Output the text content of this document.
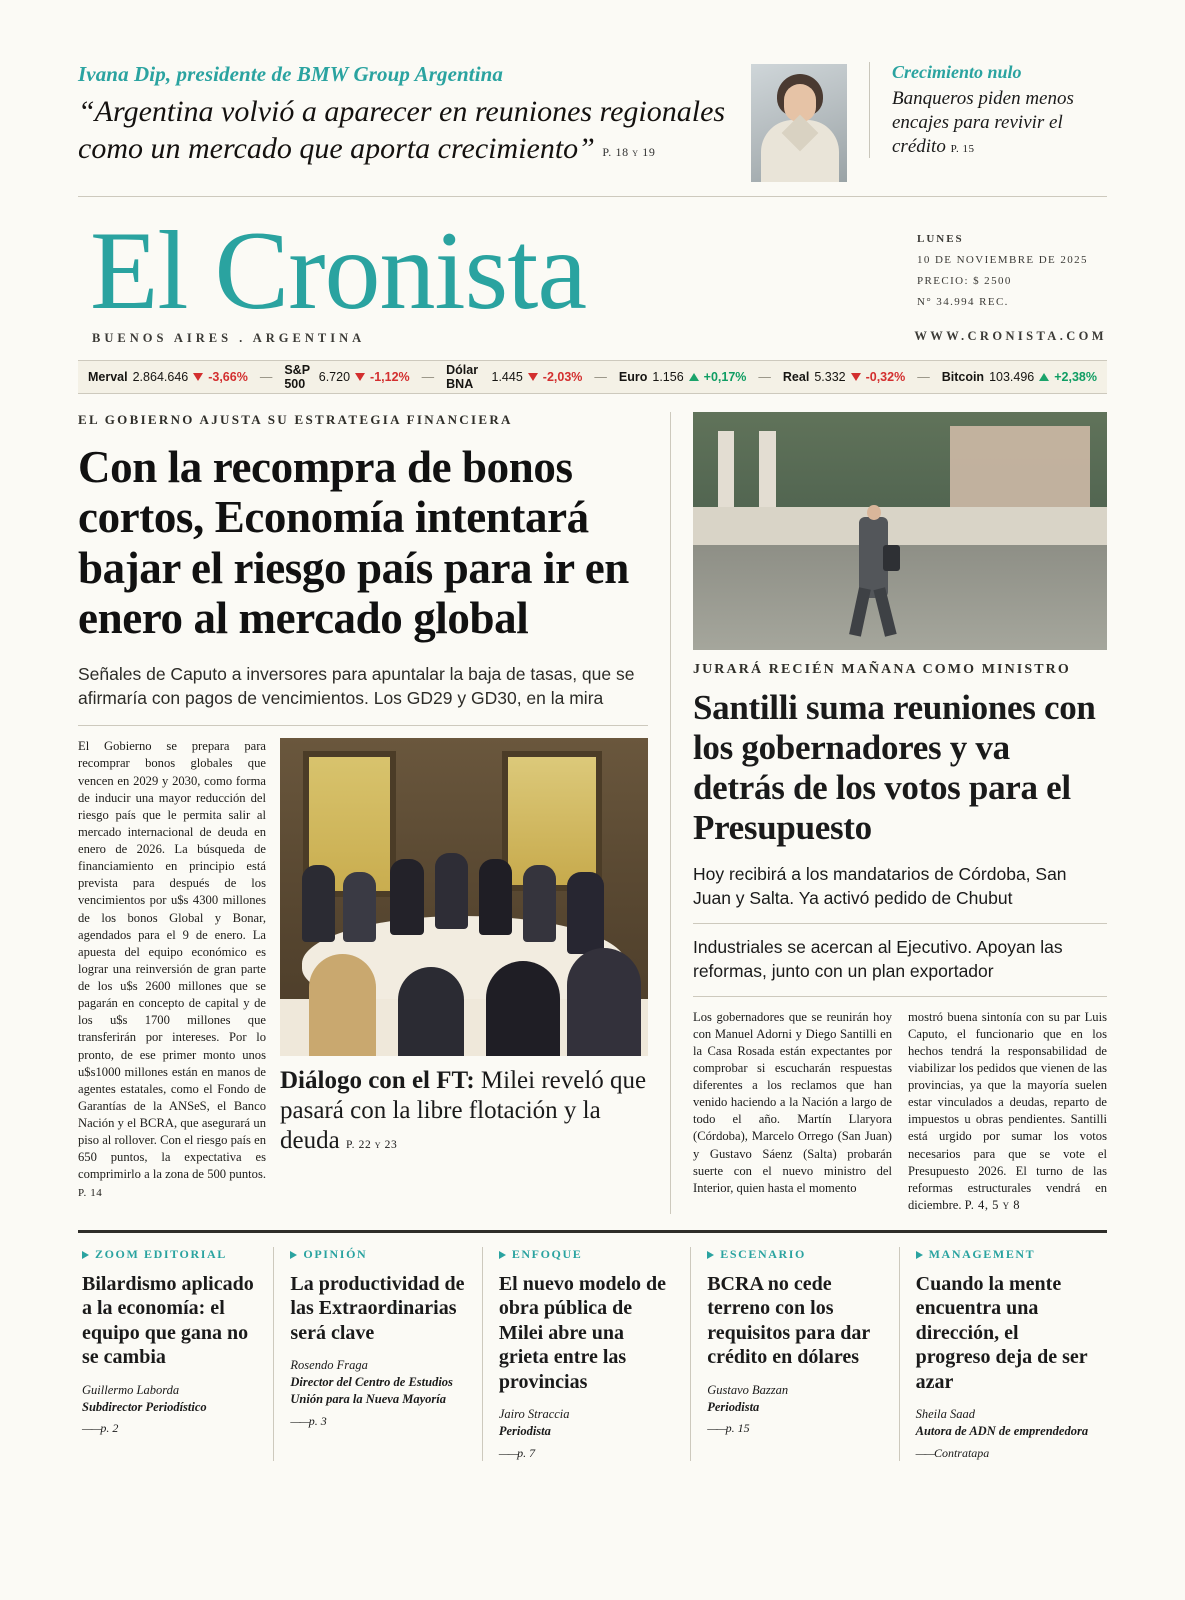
Ivana Dip, presidente de BMW Group Argentina
“Argentina volvió a aparecer en reuniones regionales como un mercado que aporta crecimiento” P. 18 y 19
Crecimiento nulo
Banqueros piden menos encajes para revivir el crédito P. 15
El Cronista	LUNES
10 DE NOVIEMBRE DE 2025
PRECIO: $ 2500
N° 34.994 REC.
BUENOS AIRES . ARGENTINA	WWW.CRONISTA.COM
Merval 2.864.646 -3,66% — S&P 500	6.720 -1,12% — Dólar BNA	1.445 -2,03% — Euro 1.156 +0,17% — Real 5.332 -0,32% — Bitcoin 103.496 +2,38%
EL GOBIERNO AJUSTA SU ESTRATEGIA FINANCIERA
Con la recompra de bonos cortos, Economía intentará bajar el riesgo país para ir en enero al mercado global
Señales de Caputo a inversores para apuntalar la baja de tasas, que se afirmaría con pagos de vencimientos. Los GD29 y GD30, en la mira
El Gobierno se prepara para recomprar bonos globales que vencen en 2029 y 2030, como forma de inducir una mayor reducción del riesgo país que le permita salir al mercado internacional de deuda en enero de 2026. La búsqueda de financiamiento en principio está prevista para después de los vencimientos por u$s 4300 millones de los bonos Global y Bonar, agendados para el 9 de enero. La apuesta del equipo económico es lograr una reinversión de gran parte de los u$s 2600 millones que se pagarán en concepto de capital y de los u$s 1700 millones que transferirán por intereses. Por lo pronto, de ese primer monto unos u$s1000 millones están en manos de agentes estatales, como el Fondo de Garantías de la ANSeS, el Banco Nación y el BCRA, que asegurará un piso al rollover. Con el riesgo país en 650 puntos, la expectativa es comprimirlo a la zona de 500 puntos. P. 14
Diálogo con el FT: Milei reveló que pasará con la libre flotación y la deuda P. 22 y 23
JURARÁ RECIÉN MAÑANA COMO MINISTRO
Santilli suma reuniones con los gobernadores y va detrás de los votos para el Presupuesto
Hoy recibirá a los mandatarios de Córdoba, San Juan y Salta. Ya activó pedido de Chubut
Industriales se acercan al Ejecutivo. Apoyan las reformas, junto con un plan exportador
Los gobernadores que se reunirán hoy con Manuel Adorni y Diego Santilli en la Casa Rosada están expectantes por comprobar si escucharán respuestas diferentes a los reclamos que han venido haciendo a la Nación a largo de todo el año. Martín Llaryora (Córdoba), Marcelo Orrego (San Juan) y Gustavo Sáenz (Salta) probarán suerte con el nuevo ministro del Interior, quien hasta el momento
mostró buena sintonía con su par Luis Caputo, el funcionario que en los hechos tendrá la responsabilidad de viabilizar los pedidos que vienen de las provincias, ya que la mayoría suelen estar vinculados a deudas, reparto de impuestos u obras pendientes. Santilli está urgido por sumar los votos necesarios para que se vote el Presupuesto 2026. El turno de las reformas estructurales vendrá en diciembre. P. 4, 5 y 8
ZOOM EDITORIAL
Bilardismo aplicado a la economía: el equipo que gana no se cambia
Guillermo Laborda
Subdirector Periodístico
—— p. 2
OPINIÓN
La productividad de las Extraordinarias será clave
Rosendo Fraga
Director del Centro de Estudios Unión para la Nueva Mayoría
—— p. 3
ENFOQUE
El nuevo modelo de obra pública de Milei abre una grieta entre las provincias
Jairo Straccia
Periodista
—— p. 7
ESCENARIO
BCRA no cede terreno con los requisitos para dar crédito en dólares
Gustavo Bazzan
Periodista
—— p. 15
MANAGEMENT
Cuando la mente encuentra una dirección, el progreso deja de ser azar
Sheila Saad
Autora de ADN de emprendedora
—— Contratapa
